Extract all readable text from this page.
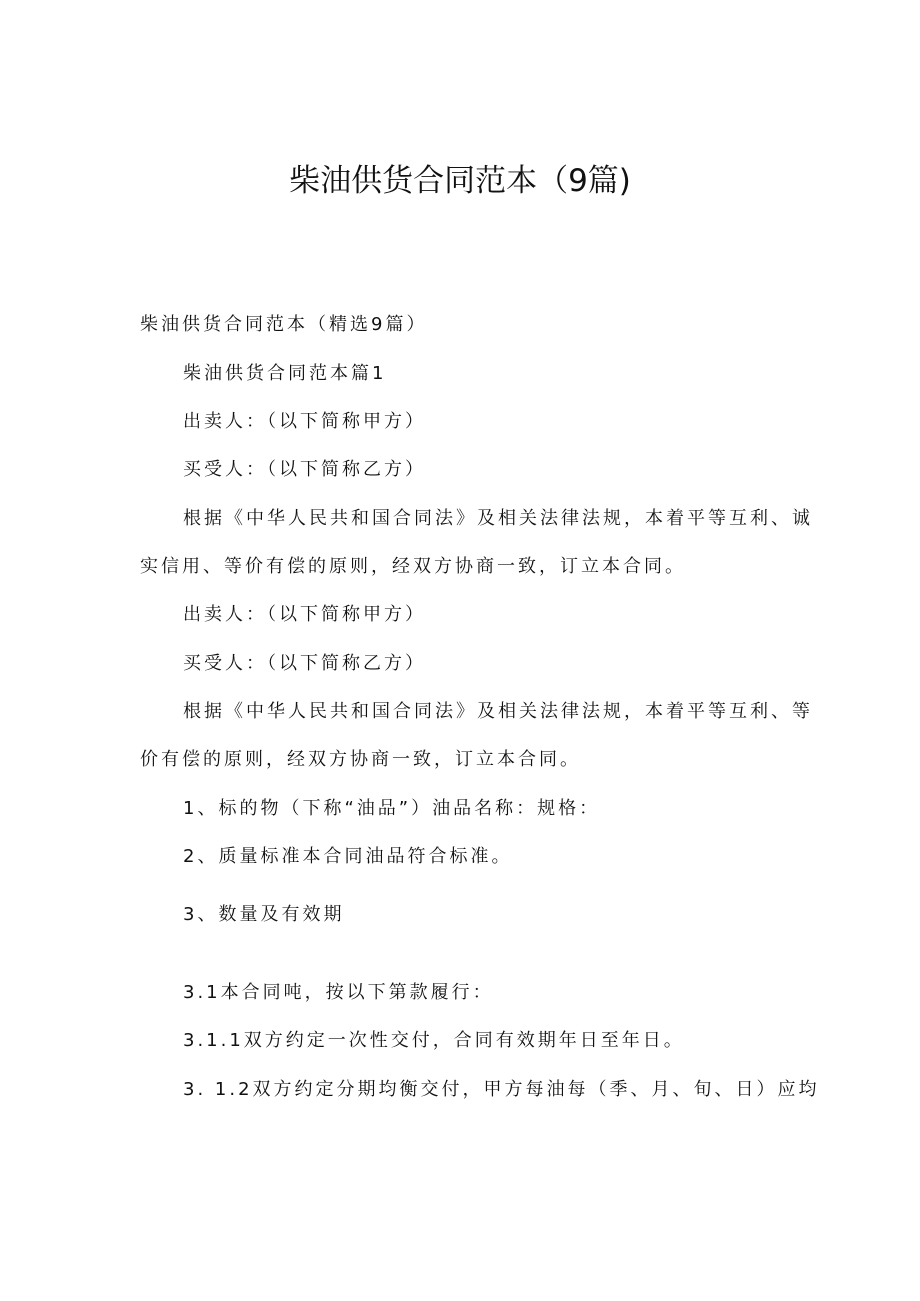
柴油供货合同范本（9篇)

柴油供货合同范本（精选9篇）

柴油供货合同范本篇1

出卖人：（以下简称甲方）

买受人：（以下简称乙方）

根据《中华人民共和国合同法》及相关法律法规，本着平等互利、诚

实信用、等价有偿的原则，经双方协商一致，订立本合同。

出卖人：（以下简称甲方）

买受人：（以下简称乙方）

根据《中华人民共和国合同法》及相关法律法规，本着平等互利、等

价有偿的原则，经双方协商一致，订立本合同。

1、标的物（下称“油品”）油品名称：规格：

2、质量标准本合同油品符合标准。

3、数量及有效期

3.1本合同吨，按以下第款履行：

3.1.1双方约定一次性交付，合同有效期年日至年日。

3. 1.2双方约定分期均衡交付，甲方每油每（季、月、旬、日）应均
